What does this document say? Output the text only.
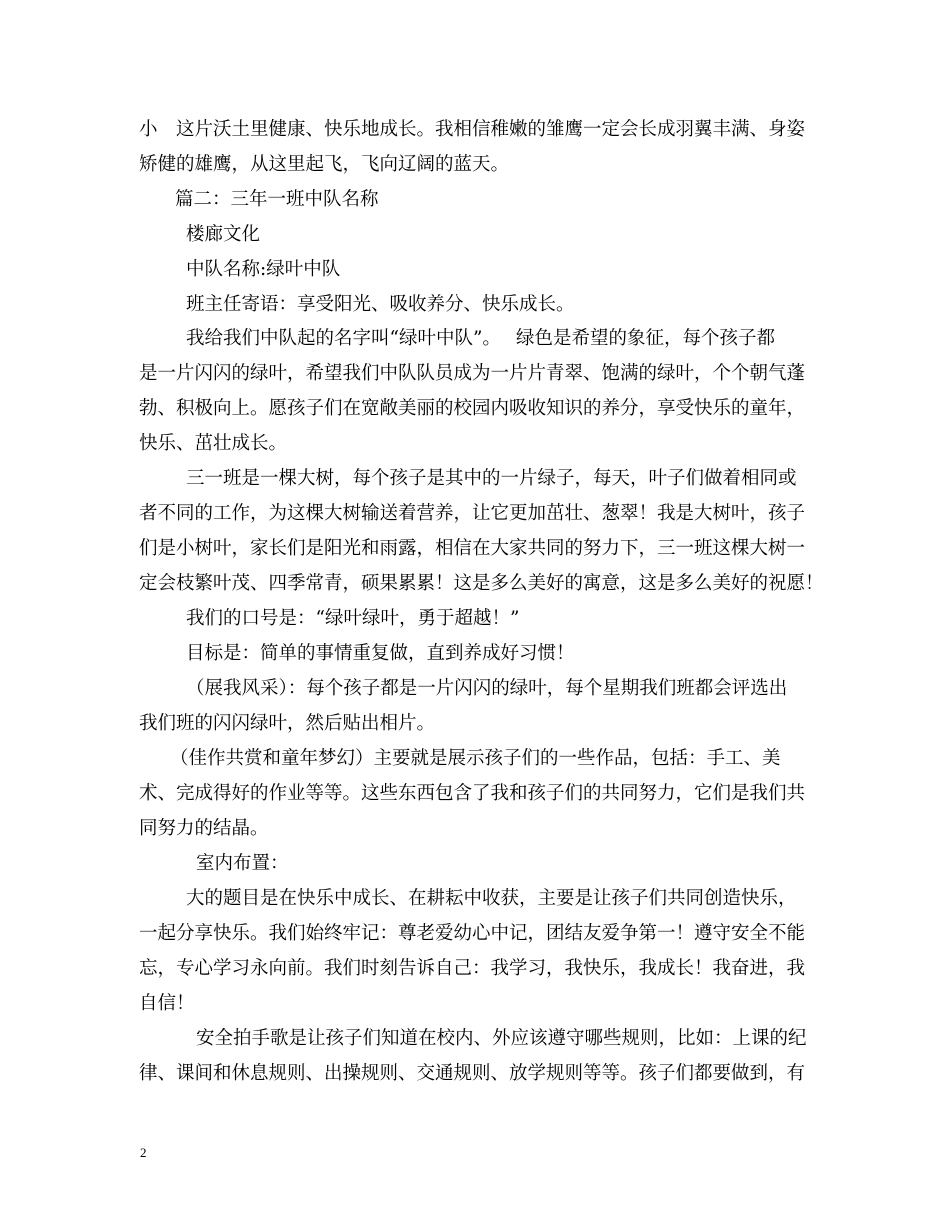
小　这片沃土里健康、快乐地成长。我相信稚嫩的雏鹰一定会长成羽翼丰满、身姿
矫健的雄鹰，从这里起飞，飞向辽阔的蓝天。
篇二：三年一班中队名称
楼廊文化
中队名称:绿叶中队
班主任寄语：享受阳光、吸收养分、快乐成长。
我给我们中队起的名字叫“绿叶中队”。　 绿色是希望的象征，每个孩子都
是一片闪闪的绿叶，希望我们中队队员成为一片片青翠、饱满的绿叶，个个朝气蓬
勃、积极向上。愿孩子们在宽敞美丽的校园内吸收知识的养分，享受快乐的童年，
快乐、茁壮成长。
三一班是一棵大树，每个孩子是其中的一片绿子，每天，叶子们做着相同或
者不同的工作，为这棵大树输送着营养，让它更加茁壮、葱翠！我是大树叶，孩子
们是小树叶，家长们是阳光和雨露，相信在大家共同的努力下，三一班这棵大树一
定会枝繁叶茂、四季常青，硕果累累！这是多么美好的寓意，这是多么美好的祝愿！
我们的口号是：“绿叶绿叶，勇于超越！”
目标是：简单的事情重复做，直到养成好习惯！
（展我风采）：每个孩子都是一片闪闪的绿叶，每个星期我们班都会评选出
我们班的闪闪绿叶，然后贴出相片。
（佳作共赏和童年梦幻）主要就是展示孩子们的一些作品，包括：手工、美
术、完成得好的作业等等。这些东西包含了我和孩子们的共同努力，它们是我们共
同努力的结晶。
室内布置：
大的题目是在快乐中成长、在耕耘中收获，主要是让孩子们共同创造快乐，
一起分享快乐。我们始终牢记：尊老爱幼心中记，团结友爱争第一！遵守安全不能
忘，专心学习永向前。我们时刻告诉自己：我学习，我快乐，我成长！我奋进，我
自信！
安全拍手歌是让孩子们知道在校内、外应该遵守哪些规则，比如：上课的纪
律、课间和休息规则、出操规则、交通规则、放学规则等等。孩子们都要做到，有
2
